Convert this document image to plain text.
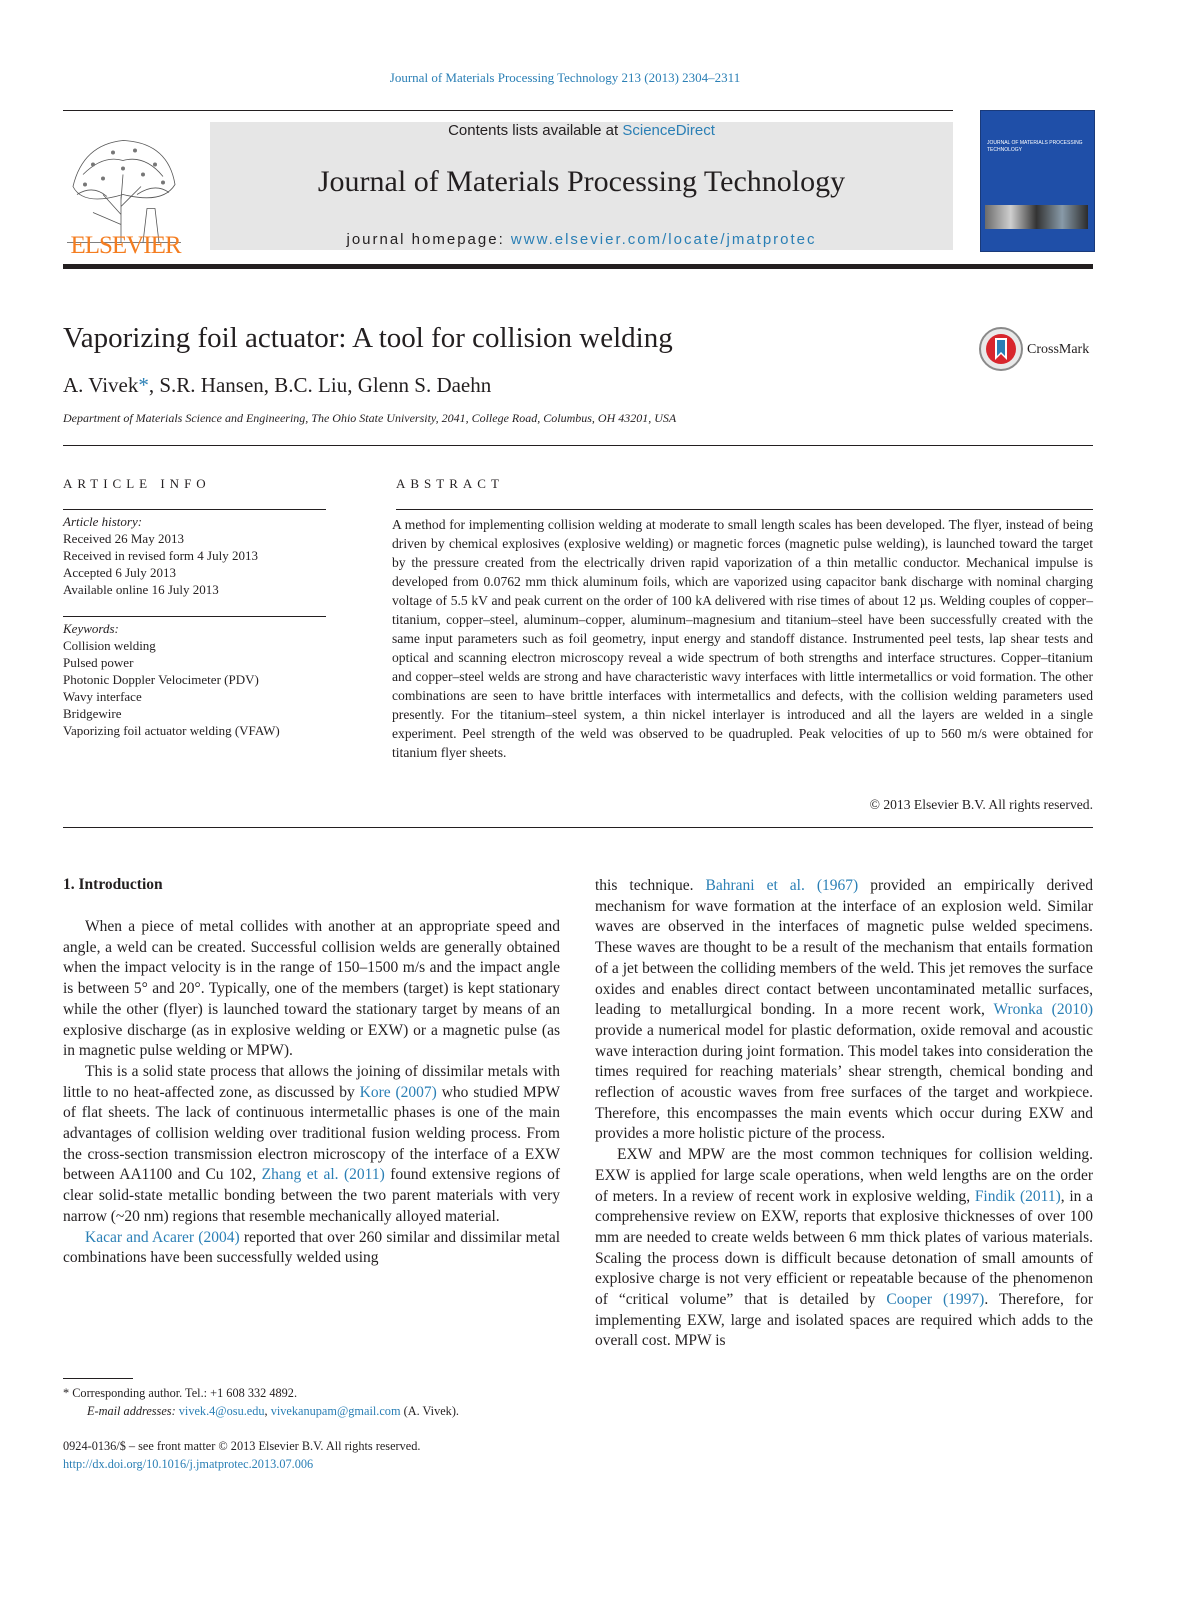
Journal of Materials Processing Technology 213 (2013) 2304–2311
ELSEVIER
Contents lists available at ScienceDirect
Journal of Materials Processing Technology
journal homepage: www.elsevier.com/locate/jmatprotec
JOURNAL OF MATERIALS PROCESSING TECHNOLOGY
Vaporizing foil actuator: A tool for collision welding	CrossMark
A. Vivek*, S.R. Hansen, B.C. Liu, Glenn S. Daehn
Department of Materials Science and Engineering, The Ohio State University, 2041, College Road, Columbus, OH 43201, USA
ARTICLE INFO	ABSTRACT
Article history:
Received 26 May 2013
Received in revised form 4 July 2013
Accepted 6 July 2013
Available online 16 July 2013
Keywords:
Collision welding
Pulsed power
Photonic Doppler Velocimeter (PDV)
Wavy interface
Bridgewire
Vaporizing foil actuator welding (VFAW)
A method for implementing collision welding at moderate to small length scales has been developed. The flyer, instead of being driven by chemical explosives (explosive welding) or magnetic forces (magnetic pulse welding), is launched toward the target by the pressure created from the electrically driven rapid vaporization of a thin metallic conductor. Mechanical impulse is developed from 0.0762 mm thick aluminum foils, which are vaporized using capacitor bank discharge with nominal charging voltage of 5.5 kV and peak current on the order of 100 kA delivered with rise times of about 12 µs. Welding couples of copper–titanium, copper–steel, aluminum–copper, aluminum–magnesium and titanium–steel have been successfully created with the same input parameters such as foil geometry, input energy and standoff distance. Instrumented peel tests, lap shear tests and optical and scanning electron microscopy reveal a wide spectrum of both strengths and interface structures. Copper–titanium and copper–steel welds are strong and have characteristic wavy interfaces with little intermetallics or void formation. The other combinations are seen to have brittle interfaces with intermetallics and defects, with the collision welding parameters used presently. For the titanium–steel system, a thin nickel interlayer is introduced and all the layers are welded in a single experiment. Peel strength of the weld was observed to be quadrupled. Peak velocities of up to 560 m/s were obtained for titanium flyer sheets.
© 2013 Elsevier B.V. All rights reserved.
1. Introduction

When a piece of metal collides with another at an appropriate speed and angle, a weld can be created. Successful collision welds are generally obtained when the impact velocity is in the range of 150–1500 m/s and the impact angle is between 5° and 20°. Typically, one of the members (target) is kept stationary while the other (flyer) is launched toward the stationary target by means of an explosive discharge (as in explosive welding or EXW) or a magnetic pulse (as in magnetic pulse welding or MPW).

This is a solid state process that allows the joining of dissimilar metals with little to no heat-affected zone, as discussed by Kore (2007) who studied MPW of flat sheets. The lack of continuous intermetallic phases is one of the main advantages of collision welding over traditional fusion welding process. From the cross-section transmission electron microscopy of the interface of a EXW between AA1100 and Cu 102, Zhang et al. (2011) found extensive regions of clear solid-state metallic bonding between the two parent materials with very narrow (~20 nm) regions that resemble mechanically alloyed material.

Kacar and Acarer (2004) reported that over 260 similar and dissimilar metal combinations have been successfully welded using

this technique. Bahrani et al. (1967) provided an empirically derived mechanism for wave formation at the interface of an explosion weld. Similar waves are observed in the interfaces of magnetic pulse welded specimens. These waves are thought to be a result of the mechanism that entails formation of a jet between the colliding members of the weld. This jet removes the surface oxides and enables direct contact between uncontaminated metallic surfaces, leading to metallurgical bonding. In a more recent work, Wronka (2010) provide a numerical model for plastic deformation, oxide removal and acoustic wave interaction during joint formation. This model takes into consideration the times required for reaching materials’ shear strength, chemical bonding and reflection of acoustic waves from free surfaces of the target and workpiece. Therefore, this encompasses the main events which occur during EXW and provides a more holistic picture of the process.

EXW and MPW are the most common techniques for collision welding. EXW is applied for large scale operations, when weld lengths are on the order of meters. In a review of recent work in explosive welding, Findik (2011), in a comprehensive review on EXW, reports that explosive thicknesses of over 100 mm are needed to create welds between 6 mm thick plates of various materials. Scaling the process down is difficult because detonation of small amounts of explosive charge is not very efficient or repeatable because of the phenomenon of “critical volume” that is detailed by Cooper (1997). Therefore, for implementing EXW, large and isolated spaces are required which adds to the overall cost. MPW is

* Corresponding author. Tel.: +1 608 332 4892.
E-mail addresses: vivek.4@osu.edu, vivekanupam@gmail.com (A. Vivek).
0924-0136/$ – see front matter © 2013 Elsevier B.V. All rights reserved.
http://dx.doi.org/10.1016/j.jmatprotec.2013.07.006
